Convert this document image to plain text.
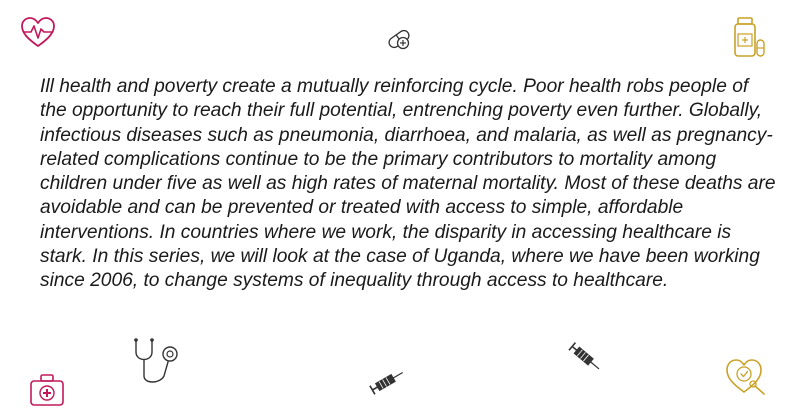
Ill health and poverty create a mutually reinforcing cycle. Poor health robs people of the opportunity to reach their full potential, entrenching poverty even further. Globally, infectious diseases such as pneumonia, diarrhoea, and malaria, as well as pregnancy-related complications continue to be the primary contributors to mortality among children under five as well as high rates of maternal mortality. Most of these deaths are avoidable and can be prevented or treated with access to simple, affordable interventions. In countries where we work, the disparity in accessing healthcare is stark. In this series, we will look at the case of Uganda, where we have been working since 2006, to change systems of inequality through access to healthcare.
